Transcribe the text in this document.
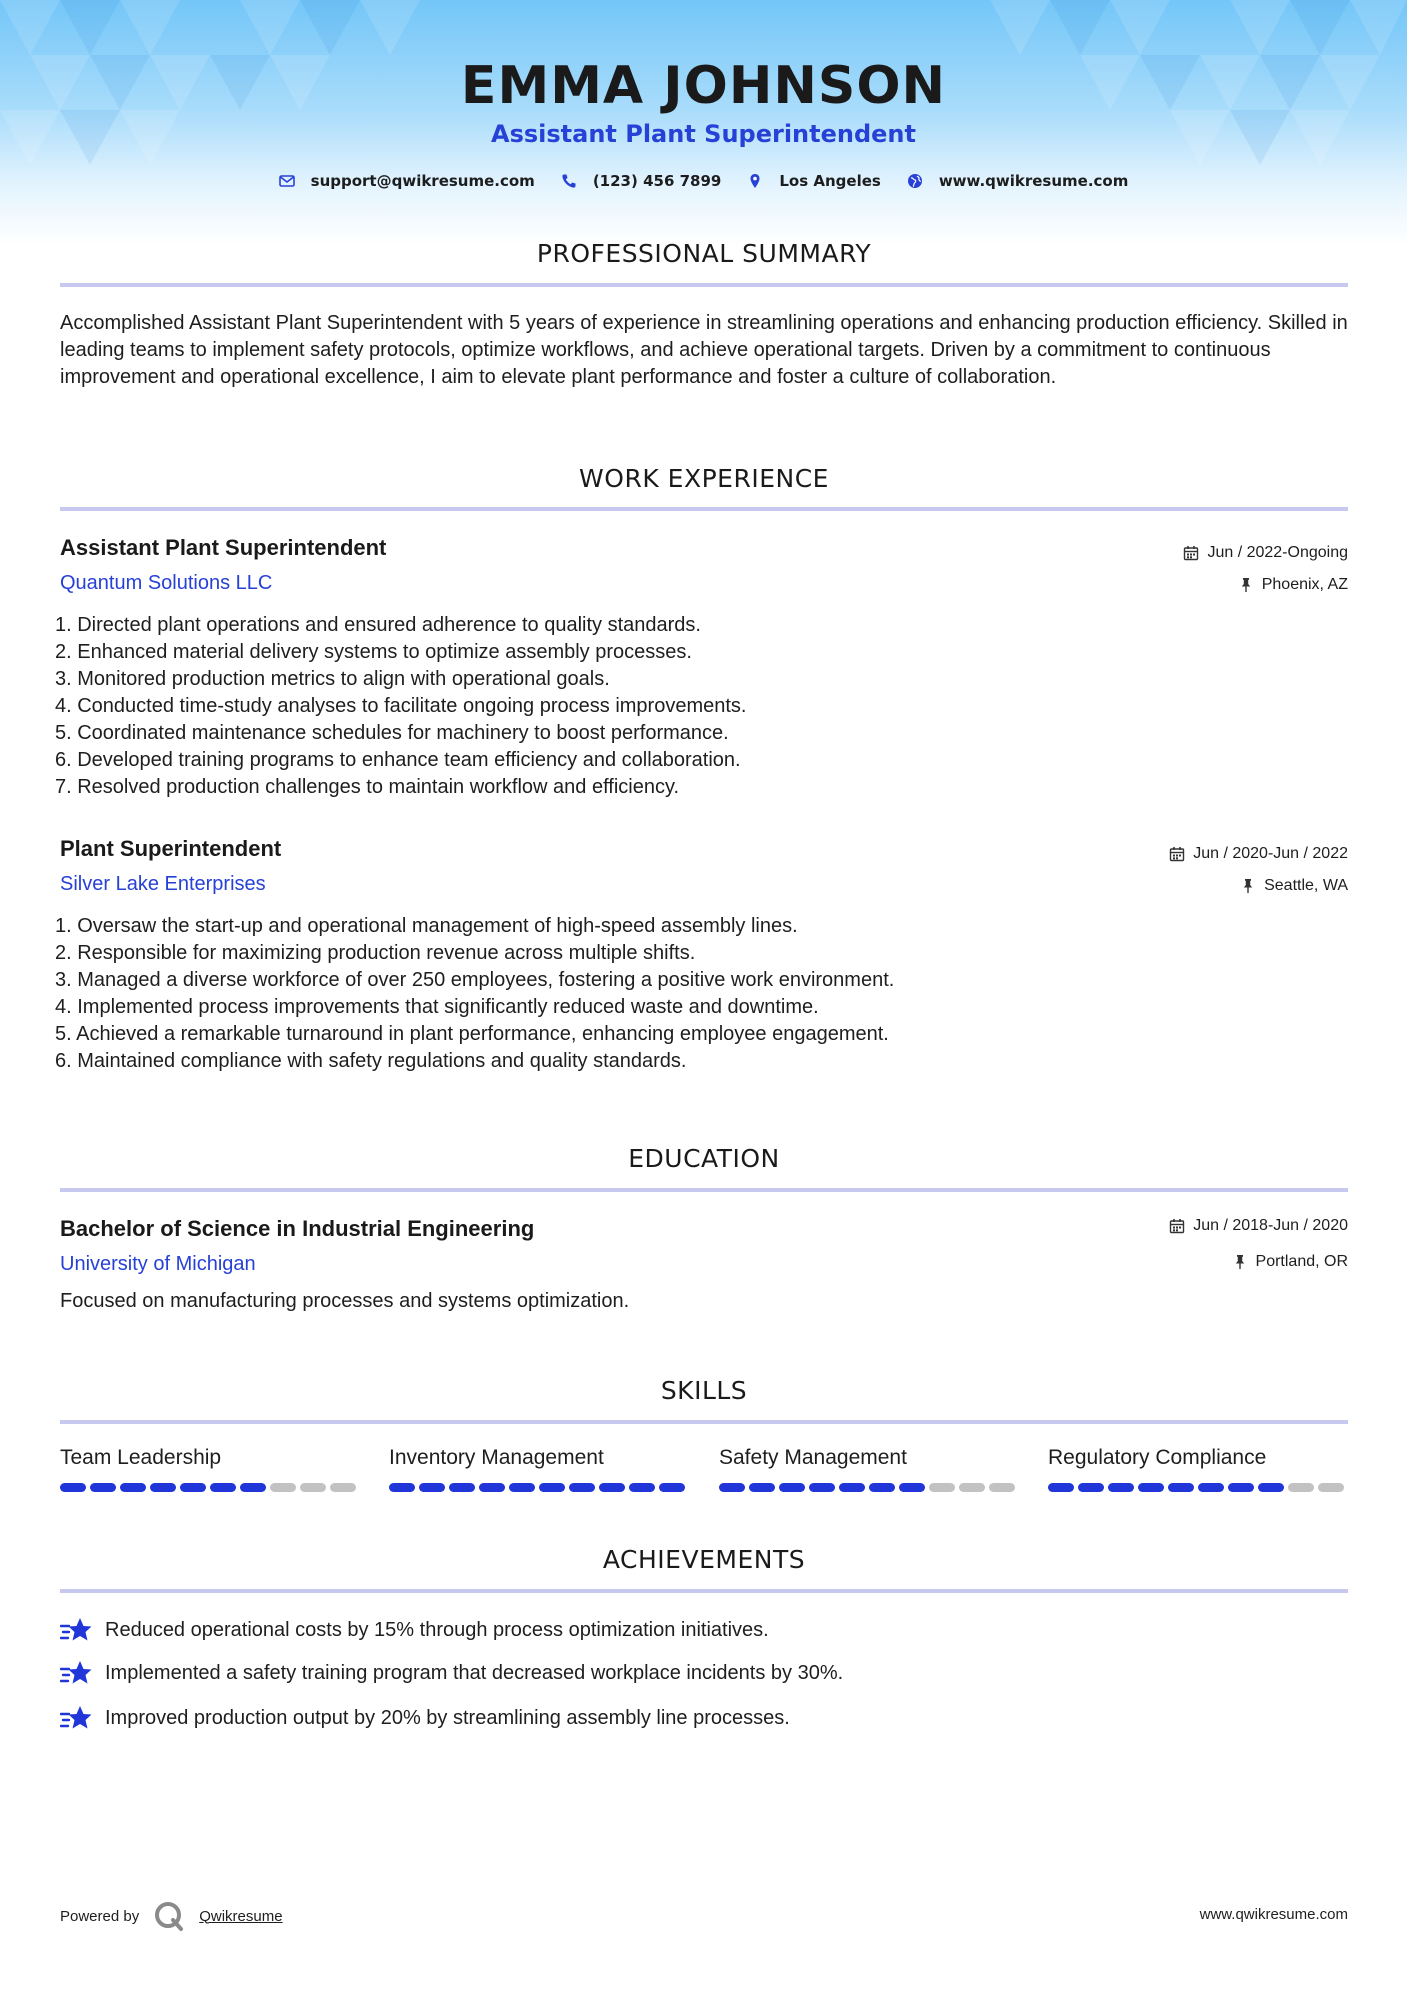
EMMA JOHNSON
Assistant Plant Superintendent
support@qwikresume.com	(123) 456 7899	Los Angeles	www.qwikresume.com
PROFESSIONAL SUMMARY
Accomplished Assistant Plant Superintendent with 5 years of experience in streamlining operations and enhancing production efficiency. Skilled in leading teams to implement safety protocols, optimize workflows, and achieve operational targets. Driven by a commitment to continuous improvement and operational excellence, I aim to elevate plant performance and foster a culture of collaboration.
WORK EXPERIENCE
Assistant Plant Superintendent	Jun / 2022-Ongoing
Quantum Solutions LLC	Phoenix, AZ
1. Directed plant operations and ensured adherence to quality standards.
2. Enhanced material delivery systems to optimize assembly processes.
3. Monitored production metrics to align with operational goals.
4. Conducted time-study analyses to facilitate ongoing process improvements.
5. Coordinated maintenance schedules for machinery to boost performance.
6. Developed training programs to enhance team efficiency and collaboration.
7. Resolved production challenges to maintain workflow and efficiency.
Plant Superintendent	Jun / 2020-Jun / 2022
Silver Lake Enterprises	Seattle, WA
1. Oversaw the start-up and operational management of high-speed assembly lines.
2. Responsible for maximizing production revenue across multiple shifts.
3. Managed a diverse workforce of over 250 employees, fostering a positive work environment.
4. Implemented process improvements that significantly reduced waste and downtime.
5. Achieved a remarkable turnaround in plant performance, enhancing employee engagement.
6. Maintained compliance with safety regulations and quality standards.
EDUCATION
Bachelor of Science in Industrial Engineering	Jun / 2018-Jun / 2020
University of Michigan	Portland, OR
Focused on manufacturing processes and systems optimization.
SKILLS
Team Leadership	Inventory Management	Safety Management	Regulatory Compliance
ACHIEVEMENTS
Reduced operational costs by 15% through process optimization initiatives.
Implemented a safety training program that decreased workplace incidents by 30%.
Improved production output by 20% by streamlining assembly line processes.
Powered by	Qwikresume	www.qwikresume.com
